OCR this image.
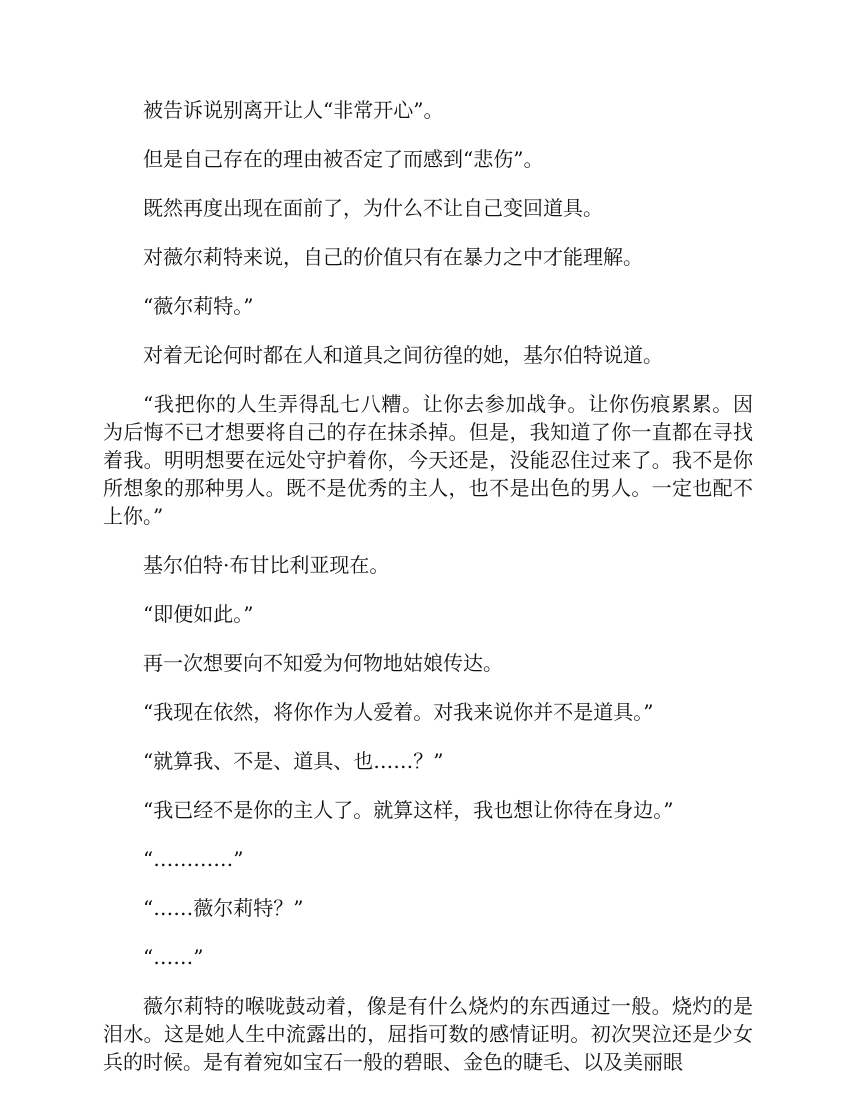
被告诉说别离开让人“非常开心”。

但是自己存在的理由被否定了而感到“悲伤”。

既然再度出现在面前了，为什么不让自己变回道具。

对薇尔莉特来说，自己的价值只有在暴力之中才能理解。

“薇尔莉特。”

对着无论何时都在人和道具之间彷徨的她，基尔伯特说道。

“我把你的人生弄得乱七八糟。让你去参加战争。让你伤痕累累。因为后悔不已才想要将自己的存在抹杀掉。但是，我知道了你一直都在寻找着我。明明想要在远处守护着你，今天还是，没能忍住过来了。我不是你所想象的那种男人。既不是优秀的主人，也不是出色的男人。一定也配不上你。”

基尔伯特·布甘比利亚现在。

“即便如此。”

再一次想要向不知爱为何物地姑娘传达。

“我现在依然，将你作为人爱着。对我来说你并不是道具。”

“就算我、不是、道具、也……？”

“我已经不是你的主人了。就算这样，我也想让你待在身边。”

“…………”

“……薇尔莉特？”

“……”

薇尔莉特的喉咙鼓动着，像是有什么烧灼的东西通过一般。烧灼的是泪水。这是她人生中流露出的，屈指可数的感情证明。初次哭泣还是少女兵的时候。是有着宛如宝石一般的碧眼、金色的睫毛、以及美丽眼
